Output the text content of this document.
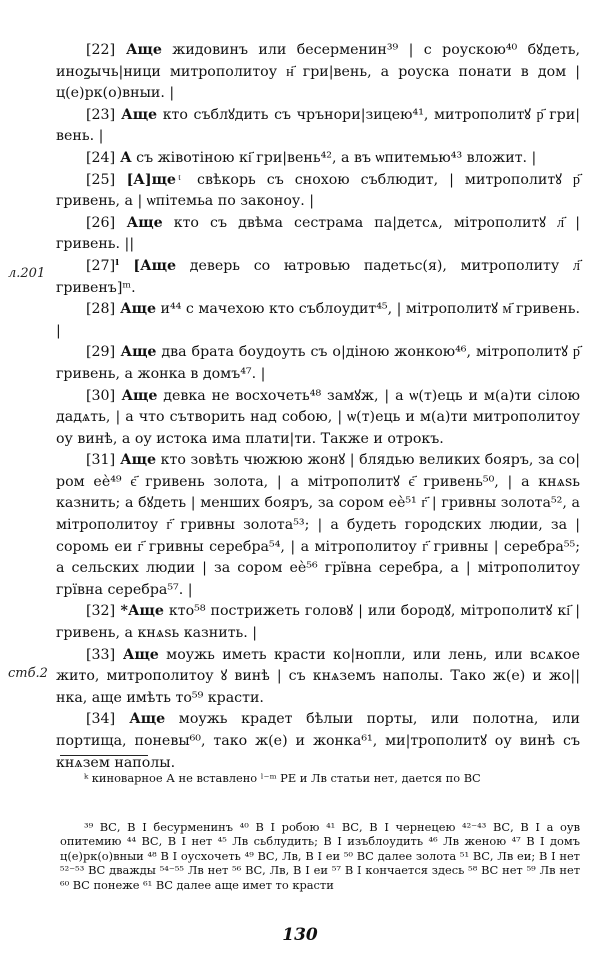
л.201
стб.2

[22] Аще жидовинъ или бесерменин³⁹ | с роускою⁴⁰ бꙋдеть, иноꙁычь|ници митрополитоу н҃ гри|вень, а роуска понати в дом | ц(е)рк(о)вныи. |

[23] Аще кто съблꙋдить съ чрънори|зицею⁴¹, митрополитꙋ р҃ гри|вень. |

[24] А съ жівотіною кі҃ гри|вень⁴², а въ ѡпитемью⁴³ вложит. |

[25] [А]ще ͭ свѣкорь съ снохою съблюдит, | митрополитꙋ р҃ гривень, а | ѡпітемьа по законоу. |

[26] Аще кто съ двѣма сестрама па|детсѧ, мітрополитꙋ л҃ | гривень. ||

[27]ˡ [Аще деверь со ꙗтровью падетьс(я), митрополиту л҃ гривенъ]ᵐ.

[28] Аще и⁴⁴ с мачехою кто съблоудит⁴⁵, | мітрополитꙋ м҃ гривень. |

[29] Аще два брата боудоуть съ о|діною жонкою⁴⁶, мітрополитꙋ р҃ гривень, а жонка в домъ⁴⁷. |

[30] Аще девка не восхочеть⁴⁸ замꙋж, | а ѡ(т)ець и м(а)ти сілою дадѧть, | а что сътворить над собою, | ѡ(т)ець и м(а)ти митрополитоу оу винѣ, а оу истока има плати|ти. Также и отрокъ.

[31] Аще кто зовѣть чюжюю жонꙋ | блядью великих бояръ, за со|ром еѐ⁴⁹ є҃ гривень золота, | а мітрополитꙋ є҃ гривень⁵⁰, | а кнѧѕь казнить; а бꙋдеть | меншиx бояръ, за сором еѐ⁵¹ г҃ | гривны золота⁵², а мітрополитоу г҃ гривны золота⁵³; | а будеть городских людии, за | соромь еи г҃ гривны серебра⁵⁴, | а мітрополитоу г҃ гривны | серебра⁵⁵; а сельских людии | за сором еѐ⁵⁶ грївна серебра, а | мітрополитоу грївна серебра⁵⁷. |

[32] *Аще кто⁵⁸ пострижеть головꙋ | или бородꙋ, мітрополитꙋ кі҃ | гривень, а кнѧѕь казнить. |

[33] Аще моужь иметь красти ко|нопли, или лень, или всѧкое жито, митрополитоу ꙋ винѣ | съ кнѧземъ наполы. Тако ж(е) и жо||нка, аще имѣть то⁵⁹ красти.

[34] Аще моужь крадет бѣлыи порты, или полотна, или портища, поневы⁶⁰, тако ж(е) и жонка⁶¹, ми|трополитꙋ оу винѣ съ кнѧзем наполы.

ᵏ киноварное А не вставлено ˡ⁻ᵐ РЕ и Лв статьи нет, дается по ВС

³⁹ ВС, В I бесурменинъ ⁴⁰ В I робою ⁴¹ ВС, В I чернецею ⁴²⁻⁴³ ВС, В I а оув опитемию ⁴⁴ ВС, В I нет ⁴⁵ Лв сьблудить; В I изъблоудить ⁴⁶ Лв женою ⁴⁷ В I домъ ц(е)рк(о)вныи ⁴⁸ В I оусхочеть ⁴⁹ ВС, Лв, В I еи ⁵⁰ ВС далее золота ⁵¹ ВС, Лв еи; В I нет ⁵²⁻⁵³ ВС дважды ⁵⁴⁻⁵⁵ Лв нет ⁵⁶ ВС, Лв, В I еи ⁵⁷ В I кончается здесь ⁵⁸ ВС нет ⁵⁹ Лв нет ⁶⁰ ВС понеже ⁶¹ ВС далее аще имет то красти

130
